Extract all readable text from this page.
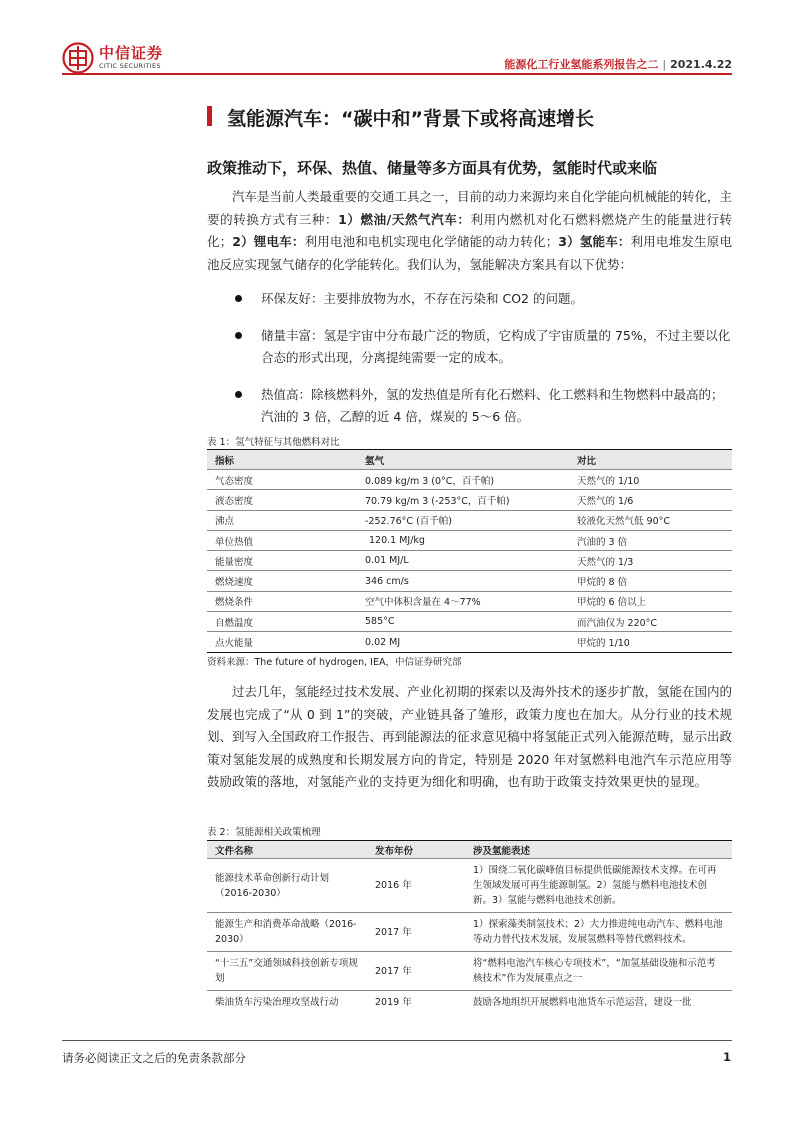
中信证券
CITIC SECURITIES	能源化工行业氢能系列报告之二 | 2021.4.22
氢能源汽车：“碳中和”背景下或将高速增长
政策推动下，环保、热值、储量等多方面具有优势，氢能时代或来临
汽车是当前人类最重要的交通工具之一，目前的动力来源均来自化学能向机械能的转化，主要的转换方式有三种：1）燃油/天然气汽车：利用内燃机对化石燃料燃烧产生的能量进行转化；2）锂电车：利用电池和电机实现电化学储能的动力转化；3）氢能车：利用电堆发生原电池反应实现氢气储存的化学能转化。我们认为，氢能解决方案具有以下优势：
环保友好：主要排放物为水，不存在污染和 CO2 的问题。
储量丰富：氢是宇宙中分布最广泛的物质，它构成了宇宙质量的 75%，不过主要以化合态的形式出现，分离提纯需要一定的成本。
热值高：除核燃料外，氢的发热值是所有化石燃料、化工燃料和生物燃料中最高的；汽油的 3 倍，乙醇的近 4 倍，煤炭的 5～6 倍。
表 1：氢气特征与其他燃料对比
指标	氢气	对比
气态密度	0.089 kg/m 3 (0°C，百千帕)	天然气的 1/10
液态密度	70.79 kg/m 3 (-253°C，百千帕)	天然气的 1/6
沸点	-252.76°C (百千帕)	较液化天然气低 90°C
单位热值	120.1 MJ/kg	汽油的 3 倍
能量密度	0.01 MJ/L	天然气的 1/3
燃烧速度	346 cm/s	甲烷的 8 倍
燃烧条件	空气中体积含量在 4～77%	甲烷的 6 倍以上
自燃温度	585°C	而汽油仅为 220°C
点火能量	0.02 MJ	甲烷的 1/10
资料来源：The future of hydrogen, IEA，中信证券研究部
过去几年，氢能经过技术发展、产业化初期的探索以及海外技术的逐步扩散，氢能在国内的发展也完成了“从 0 到 1”的突破，产业链具备了雏形，政策力度也在加大。从分行业的技术规划、到写入全国政府工作报告、再到能源法的征求意见稿中将氢能正式列入能源范畴，显示出政策对氢能发展的成熟度和长期发展方向的肯定，特别是 2020 年对氢燃料电池汽车示范应用等鼓励政策的落地，对氢能产业的支持更为细化和明确，也有助于政策支持效果更快的显现。
表 2：氢能源相关政策梳理
文件名称	发布年份	涉及氢能表述
能源技术革命创新行动计划（2016-2030）	2016 年	1）围绕二氧化碳峰值目标提供低碳能源技术支撑。在可再生领域发展可再生能源制氢。2）氢能与燃料电池技术创新。3）氢能与燃料电池技术创新。
能源生产和消费革命战略（2016-2030）	2017 年	1）探索藻类制氢技术；2）大力推进纯电动汽车、燃料电池等动力替代技术发展，发展氢燃料等替代燃料技术。
“十三五”交通领域科技创新专项规划	2017 年	将“燃料电池汽车核心专项技术”，“加氢基础设施和示范考核技术”作为发展重点之一
柴油货车污染治理攻坚战行动	2019 年	鼓励各地组织开展燃料电池货车示范运营，建设一批
请务必阅读正文之后的免责条款部分	1
